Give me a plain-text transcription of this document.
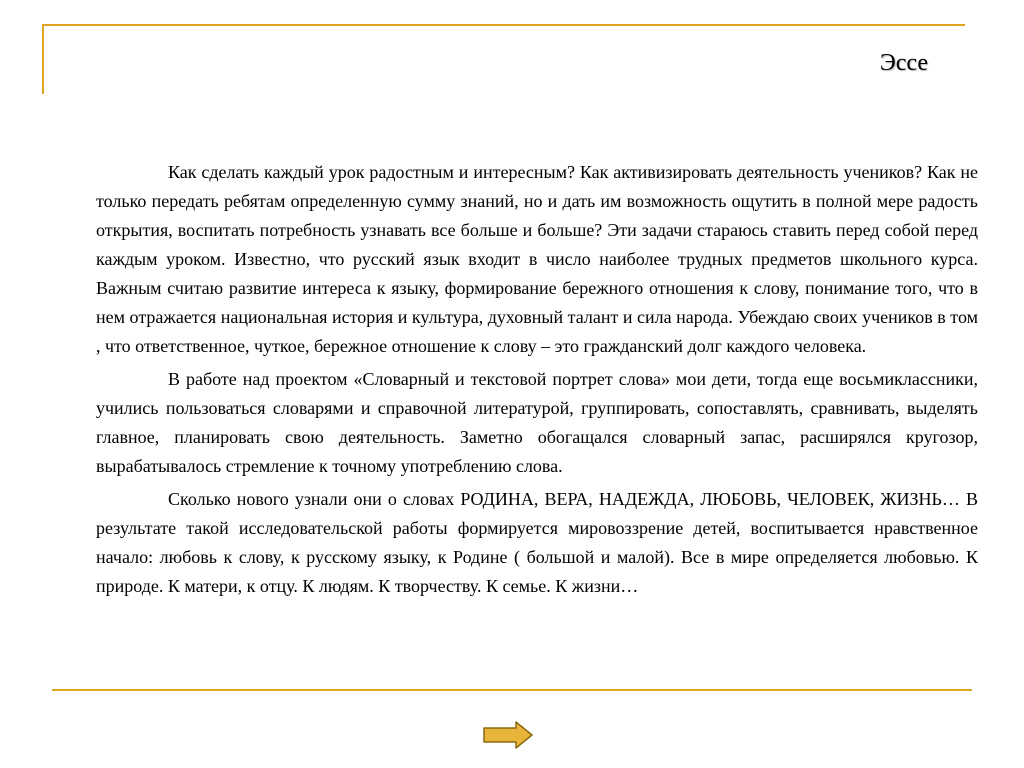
Эссе

Как сделать каждый урок радостным и интересным? Как активизировать деятельность учеников? Как не только передать ребятам определенную сумму знаний, но и дать им возможность ощутить в полной мере радость открытия, воспитать потребность узнавать все больше и больше? Эти задачи стараюсь ставить перед собой перед каждым уроком. Известно, что русский язык входит в число наиболее трудных предметов школьного курса. Важным считаю развитие интереса к языку, формирование бережного отношения к слову, понимание того, что в нем отражается национальная история и культура, духовный талант и сила народа. Убеждаю своих учеников в том , что ответственное, чуткое, бережное отношение к слову – это гражданский долг каждого человека.

В работе над проектом «Словарный и текстовой портрет слова» мои дети, тогда еще восьмиклассники, учились пользоваться словарями и справочной литературой, группировать, сопоставлять, сравнивать, выделять главное, планировать свою деятельность. Заметно обогащался словарный запас, расширялся кругозор, вырабатывалось стремление к точному употреблению слова.

Сколько нового узнали они о словах РОДИНА, ВЕРА, НАДЕЖДА, ЛЮБОВЬ, ЧЕЛОВЕК, ЖИЗНЬ… В результате такой исследовательской работы формируется мировоззрение детей, воспитывается нравственное начало: любовь к слову, к русскому языку, к Родине ( большой и малой). Все в мире определяется любовью. К природе. К матери, к отцу. К людям. К творчеству. К семье. К жизни…
